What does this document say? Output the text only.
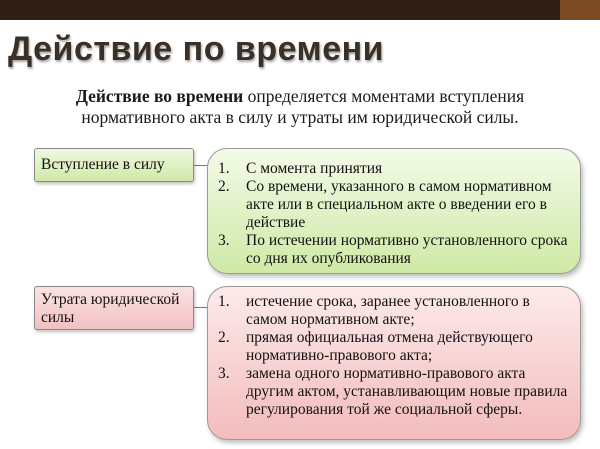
Действие по времени
Действие во времени определяется моментами вступления нормативного акта в силу и утраты им юридической силы.
Вступление в силу	1. С момента принятия
2. Со времени, указанного в самом нормативном акте или в специальном акте о введении его в действие
3. По истечении нормативно установленного срока со дня их опубликования
Утрата юридической силы
1. истечение срока, заранее установленного в самом нормативном акте;
2. прямая официальная отмена действующего нормативно-правового акта;
3. замена одного нормативно-правового акта другим актом, устанавливающим новые правила регулирования той же социальной сферы.
